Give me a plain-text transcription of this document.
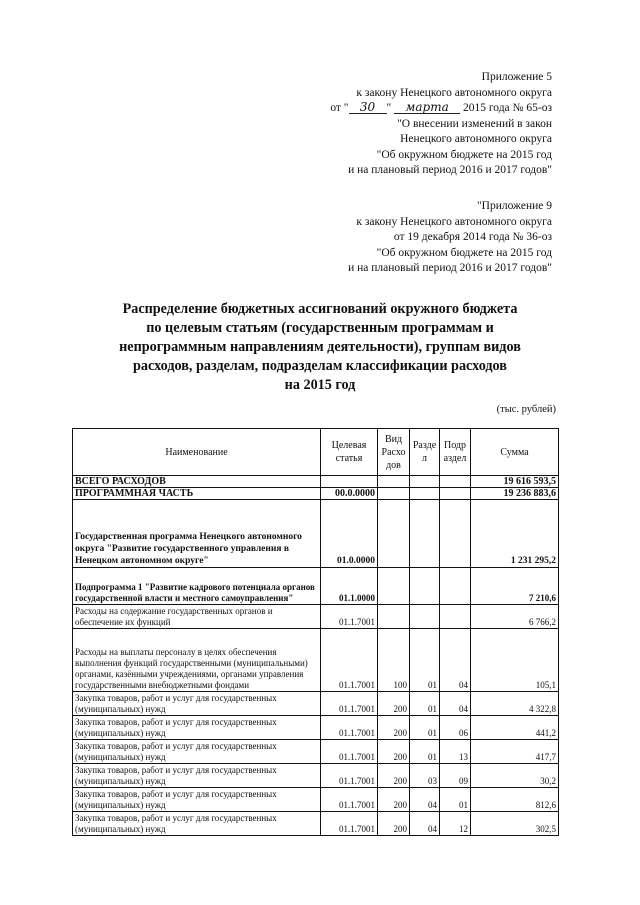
Приложение 5
к закону Ненецкого автономного округа
от " 30 " марта 2015 года № 65-оз
"О внесении изменений в закон
Ненецкого автономного округа
"Об окружном бюджете на 2015 год
и на плановый период 2016 и 2017 годов"
"Приложение 9
к закону Ненецкого автономного округа
от 19 декабря 2014 года № 36-оз
"Об окружном бюджете на 2015 год
и на плановый период 2016 и 2017 годов"
Распределение бюджетных ассигнований окружного бюджета
по целевым статьям (государственным программам и
непрограммным направлениям деятельности), группам видов
расходов, разделам, подразделам классификации расходов
на 2015 год
(тыс. рублей)
Наименование	Целевая статья	Вид Расхо дов	Разде л	Подр аздел	Сумма
ВСЕГО РАСХОДОВ					19 616 593,5
ПРОГРАММНАЯ ЧАСТЬ	00.0.0000				19 236 883,6
Государственная программа Ненецкого автономного округа "Развитие государственного управления в Ненецком автономном округе"	01.0.0000				1 231 295,2
Подпрограмма 1 "Развитие кадрового потенциала органов государственной власти и местного самоуправления"	01.1.0000				7 210,6
Расходы на содержание государственных органов и обеспечение их функций	01.1.7001				6 766,2
Расходы на выплаты персоналу в целях обеспечения выполнения функций государственными (муниципальными) органами, казёнными учреждениями, органами управления государственными внебюджетными фондами	01.1.7001	100	01	04	105,1
Закупка товаров, работ и услуг для государственных (муниципальных) нужд	01.1.7001	200	01	04	4 322,8
Закупка товаров, работ и услуг для государственных (муниципальных) нужд	01.1.7001	200	01	06	441,2
Закупка товаров, работ и услуг для государственных (муниципальных) нужд	01.1.7001	200	01	13	417,7
Закупка товаров, работ и услуг для государственных (муниципальных) нужд	01.1.7001	200	03	09	30,2
Закупка товаров, работ и услуг для государственных (муниципальных) нужд	01.1.7001	200	04	01	812,6
Закупка товаров, работ и услуг для государственных (муниципальных) нужд	01.1.7001	200	04	12	302,5
